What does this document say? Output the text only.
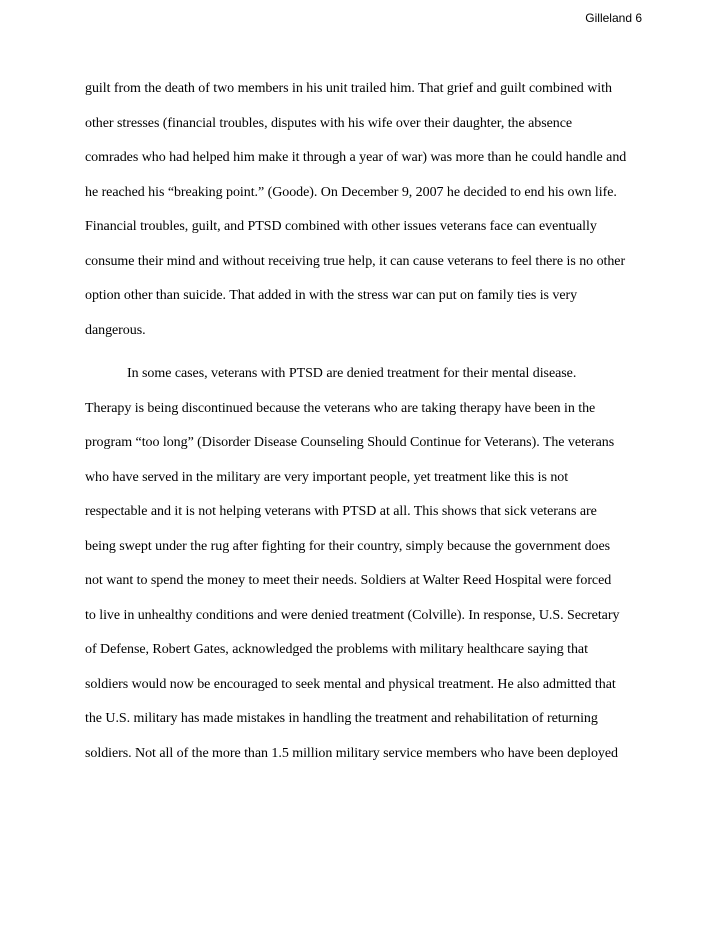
Gilleland 6
guilt from the death of two members in his unit trailed him. That grief and guilt combined with
other stresses (financial troubles, disputes with his wife over their daughter, the absence
comrades who had helped him make it through a year of war) was more than he could handle and
he reached his “breaking point.” (Goode). On December 9, 2007 he decided to end his own life.
Financial troubles, guilt, and PTSD combined with other issues veterans face can eventually
consume their mind and without receiving true help, it can cause veterans to feel there is no other
option other than suicide. That added in with the stress war can put on family ties is very
dangerous.
In some cases, veterans with PTSD are denied treatment for their mental disease.
Therapy is being discontinued because the veterans who are taking therapy have been in the
program “too long” (Disorder Disease Counseling Should Continue for Veterans). The veterans
who have served in the military are very important people, yet treatment like this is not
respectable and it is not helping veterans with PTSD at all. This shows that sick veterans are
being swept under the rug after fighting for their country, simply because the government does
not want to spend the money to meet their needs. Soldiers at Walter Reed Hospital were forced
to live in unhealthy conditions and were denied treatment (Colville). In response, U.S. Secretary
of Defense, Robert Gates, acknowledged the problems with military healthcare saying that
soldiers would now be encouraged to seek mental and physical treatment. He also admitted that
the U.S. military has made mistakes in handling the treatment and rehabilitation of returning
soldiers. Not all of the more than 1.5 million military service members who have been deployed
